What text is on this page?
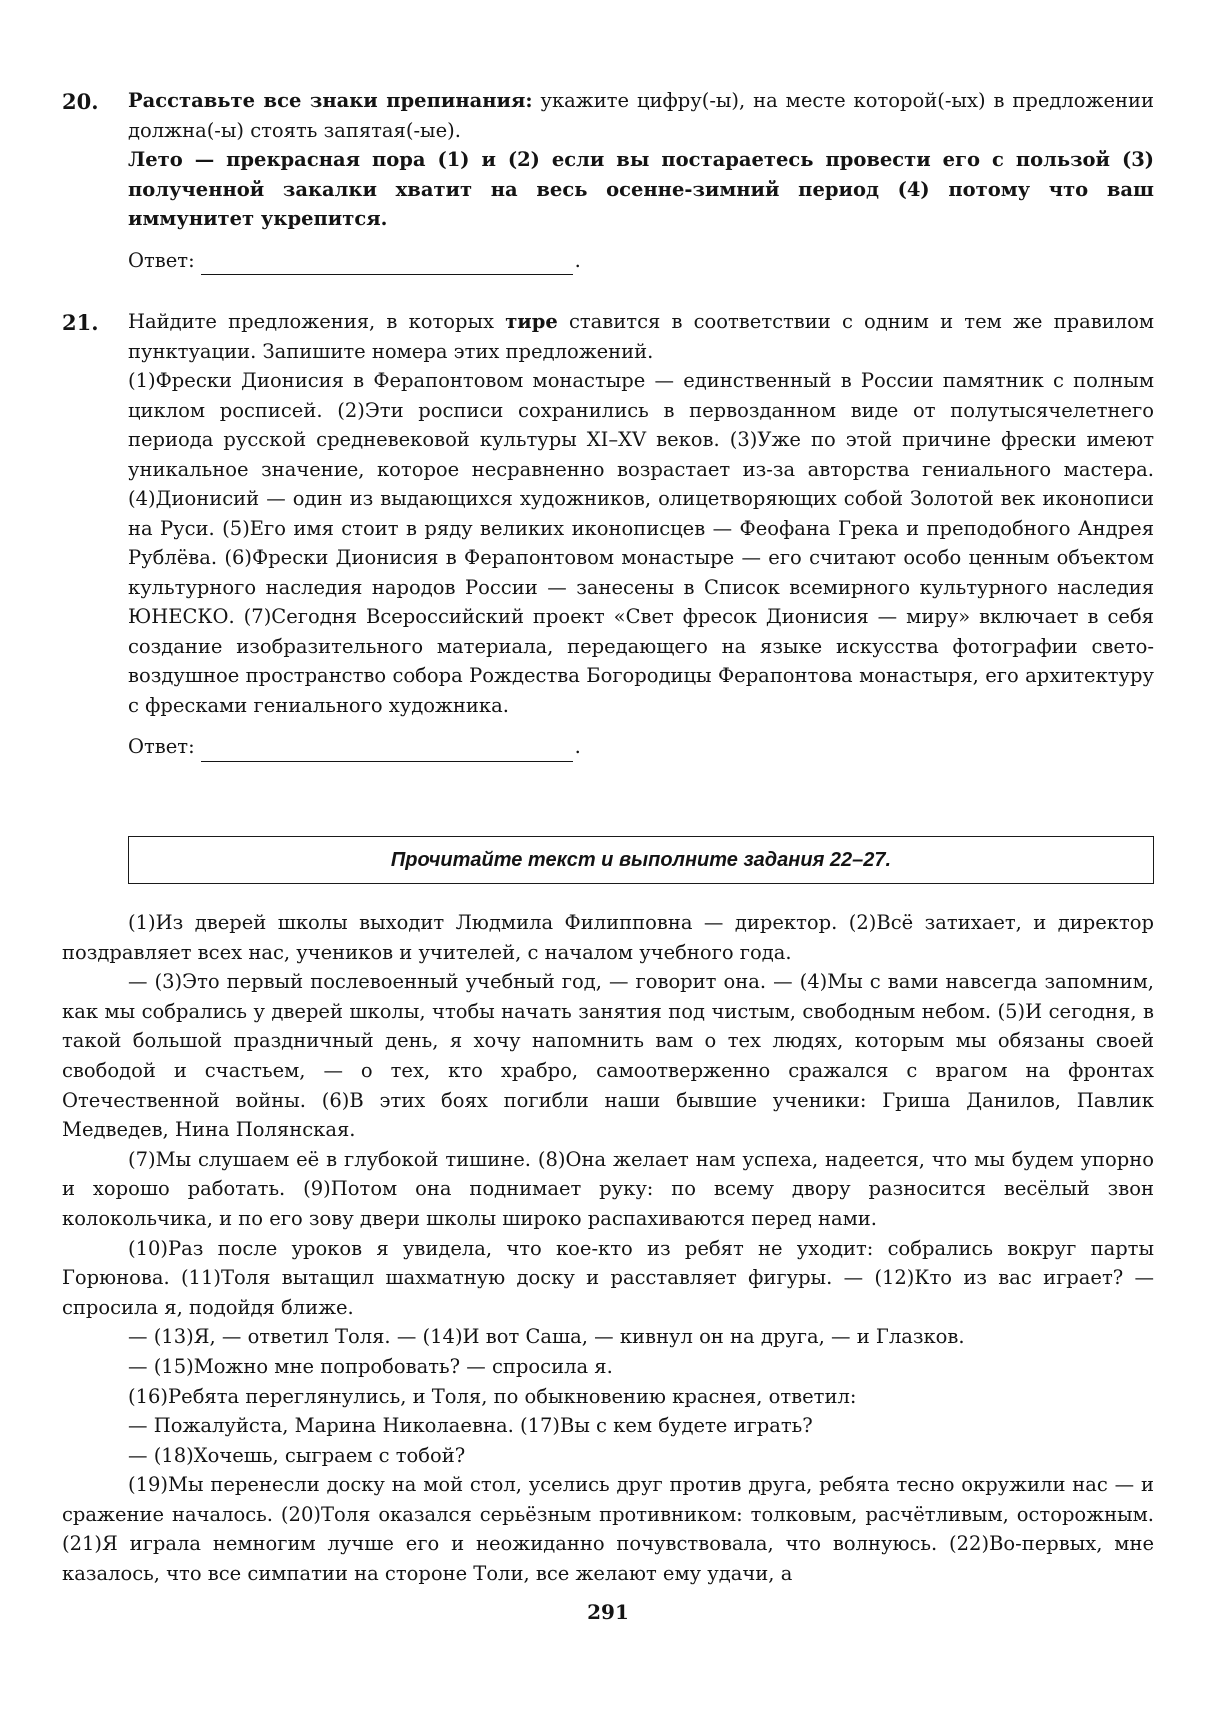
20. Расставьте все знаки препинания: укажите цифру(-ы), на месте которой(-ых) в предложении должна(-ы) стоять запятая(-ые).

Лето — прекрасная пора (1) и (2) если вы постараетесь провести его с пользой (3) полученной закалки хватит на весь осенне-зимний период (4) потому что ваш иммунитет укрепится.

Ответ:	.
21. Найдите предложения, в которых тире ставится в соответствии с одним и тем же правилом пунктуации. Запишите номера этих предложений.

(1)Фрески Дионисия в Ферапонтовом монастыре — единственный в России памятник с полным циклом росписей. (2)Эти росписи сохранились в первозданном виде от полутысячелетнего периода русской средневековой культуры XI–XV веков. (3)Уже по этой причине фрески имеют уникальное значение, которое несравненно возрастает из-за авторства гениального мастера. (4)Дионисий — один из выдающихся художников, олицетворяющих собой Золотой век иконописи на Руси. (5)Его имя стоит в ряду великих иконописцев — Феофана Грека и преподобного Андрея Рублёва. (6)Фрески Дионисия в Ферапонтовом монастыре — его считают особо ценным объектом культурного наследия народов России — занесены в Список всемирного культурного наследия ЮНЕСКО. (7)Сегодня Всероссийский проект «Свет фресок Дионисия — миру» включает в себя создание изобразительного материала, передающего на языке искусства фотографии свето-воздушное пространство собора Рождества Богородицы Ферапонтова монастыря, его архитектуру с фресками гениального художника.

Ответ:	.
Прочитайте текст и выполните задания 22–27.

(1)Из дверей школы выходит Людмила Филипповна — директор. (2)Всё затихает, и директор поздравляет всех нас, учеников и учителей, с началом учебного года.

— (3)Это первый послевоенный учебный год, — говорит она. — (4)Мы с вами навсегда запомним, как мы собрались у дверей школы, чтобы начать занятия под чистым, свободным небом. (5)И сегодня, в такой большой праздничный день, я хочу напомнить вам о тех людях, которым мы обязаны своей свободой и счастьем, — о тех, кто храбро, самоотверженно сражался с врагом на фронтах Отечественной войны. (6)В этих боях погибли наши бывшие ученики: Гриша Данилов, Павлик Медведев, Нина Полянская.

(7)Мы слушаем её в глубокой тишине. (8)Она желает нам успеха, надеется, что мы будем упорно и хорошо работать. (9)Потом она поднимает руку: по всему двору разносится весёлый звон колокольчика, и по его зову двери школы широко распахиваются перед нами.

(10)Раз после уроков я увидела, что кое-кто из ребят не уходит: собрались вокруг парты Горюнова. (11)Толя вытащил шахматную доску и расставляет фигуры. — (12)Кто из вас играет? — спросила я, подойдя ближе.

— (13)Я, — ответил Толя. — (14)И вот Саша, — кивнул он на друга, — и Глазков.

— (15)Можно мне попробовать? — спросила я.

(16)Ребята переглянулись, и Толя, по обыкновению краснея, ответил:

— Пожалуйста, Марина Николаевна. (17)Вы с кем будете играть?

— (18)Хочешь, сыграем с тобой?

(19)Мы перенесли доску на мой стол, уселись друг против друга, ребята тесно окружили нас — и сражение началось. (20)Толя оказался серьёзным противником: толковым, расчётливым, осторожным. (21)Я играла немногим лучше его и неожиданно почувствовала, что волнуюсь. (22)Во-первых, мне казалось, что все симпатии на стороне Толи, все желают ему удачи, а

291
